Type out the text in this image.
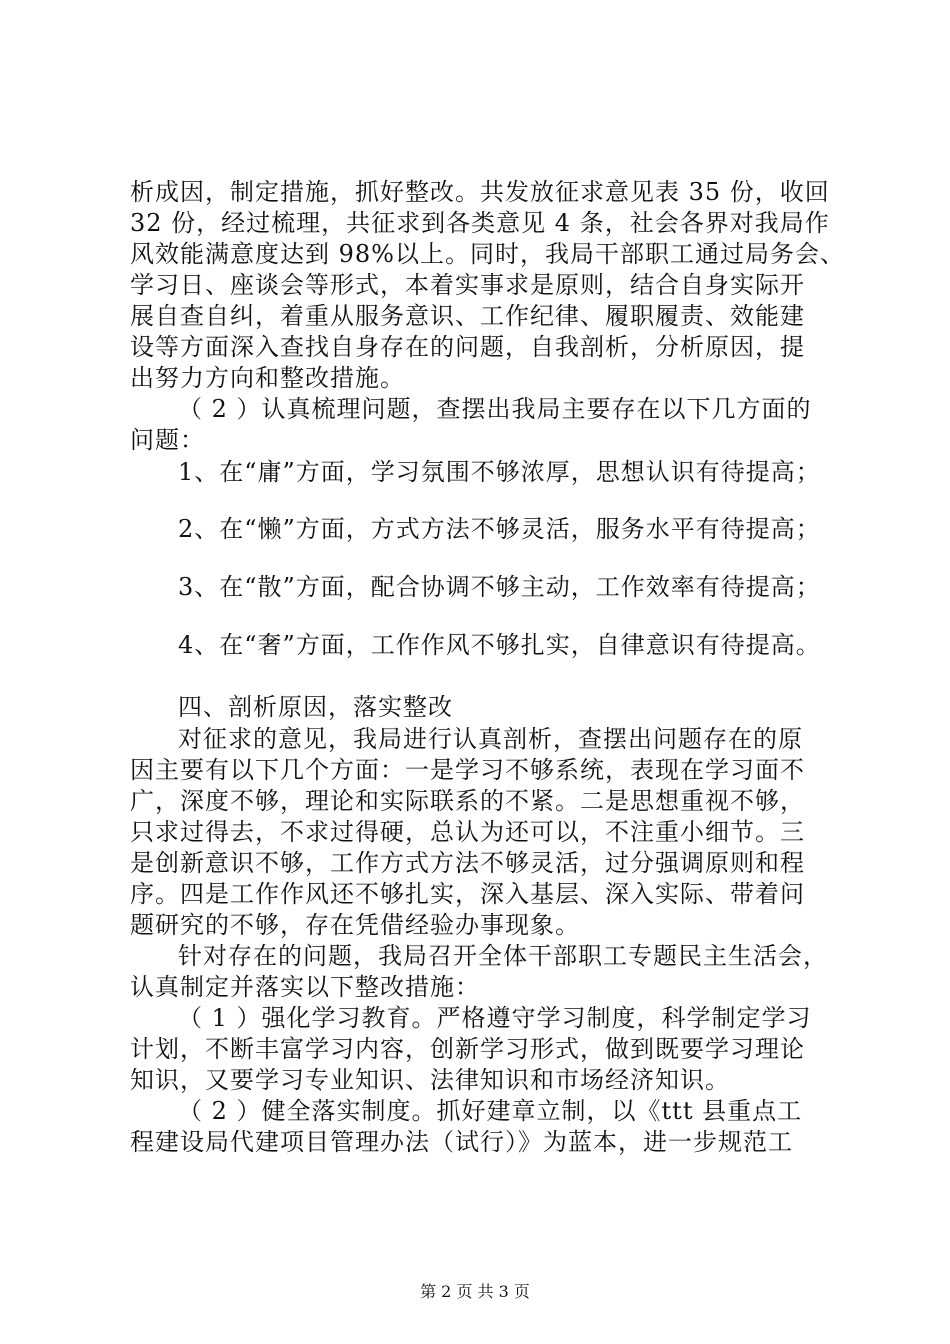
析成因，制定措施，抓好整改。共发放征求意见表 35 份，收回
32 份，经过梳理，共征求到各类意见 4 条，社会各界对我局作
风效能满意度达到 98%以上。同时，我局干部职工通过局务会、
学习日、座谈会等形式，本着实事求是原则，结合自身实际开
展自查自纠，着重从服务意识、工作纪律、履职履责、效能建
设等方面深入查找自身存在的问题，自我剖析，分析原因，提
出努力方向和整改措施。
（ 2 ）认真梳理问题，查摆出我局主要存在以下几方面的
问题：
1、在“庸”方面，学习氛围不够浓厚，思想认识有待提高；
2、在“懒”方面，方式方法不够灵活，服务水平有待提高；
3、在“散”方面，配合协调不够主动，工作效率有待提高；
4、在“奢”方面，工作作风不够扎实，自律意识有待提高。
四、剖析原因，落实整改
对征求的意见，我局进行认真剖析，查摆出问题存在的原
因主要有以下几个方面：一是学习不够系统，表现在学习面不
广，深度不够，理论和实际联系的不紧。二是思想重视不够，
只求过得去，不求过得硬，总认为还可以，不注重小细节。三
是创新意识不够，工作方式方法不够灵活，过分强调原则和程
序。四是工作作风还不够扎实，深入基层、深入实际、带着问
题研究的不够，存在凭借经验办事现象。
针对存在的问题，我局召开全体干部职工专题民主生活会，
认真制定并落实以下整改措施：
（ 1 ）强化学习教育。严格遵守学习制度，科学制定学习
计划，不断丰富学习内容，创新学习形式，做到既要学习理论
知识，又要学习专业知识、法律知识和市场经济知识。
（ 2 ）健全落实制度。抓好建章立制，以《ttt 县重点工
程建设局代建项目管理办法（试行）》为蓝本，进一步规范工
第 2 页 共 3 页
